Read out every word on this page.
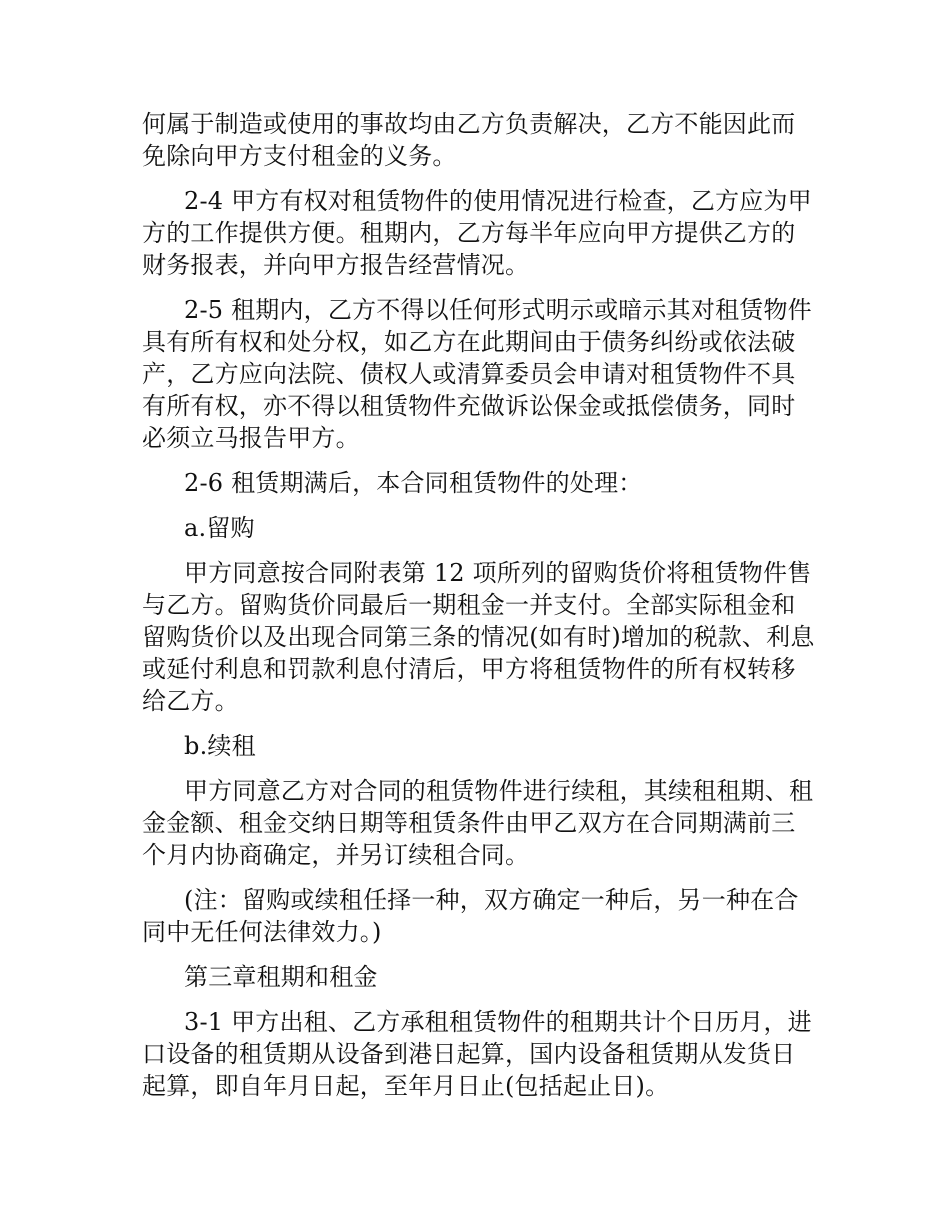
何属于制造或使用的事故均由乙方负责解决，乙方不能因此而免除向甲方支付租金的义务。

2-4 甲方有权对租赁物件的使用情况进行检查，乙方应为甲方的工作提供方便。租期内，乙方每半年应向甲方提供乙方的财务报表，并向甲方报告经营情况。

2-5 租期内，乙方不得以任何形式明示或暗示其对租赁物件具有所有权和处分权，如乙方在此期间由于债务纠纷或依法破产，乙方应向法院、债权人或清算委员会申请对租赁物件不具有所有权，亦不得以租赁物件充做诉讼保金或抵偿债务，同时必须立马报告甲方。

2-6 租赁期满后，本合同租赁物件的处理：

a.留购

甲方同意按合同附表第 12 项所列的留购货价将租赁物件售与乙方。留购货价同最后一期租金一并支付。全部实际租金和留购货价以及出现合同第三条的情况(如有时)增加的税款、利息或延付利息和罚款利息付清后，甲方将租赁物件的所有权转移给乙方。

b.续租

甲方同意乙方对合同的租赁物件进行续租，其续租租期、租金金额、租金交纳日期等租赁条件由甲乙双方在合同期满前三个月内协商确定，并另订续租合同。

(注：留购或续租任择一种，双方确定一种后，另一种在合同中无任何法律效力。)

第三章租期和租金

3-1 甲方出租、乙方承租租赁物件的租期共计个日历月，进口设备的租赁期从设备到港日起算，国内设备租赁期从发货日起算，即自年月日起，至年月日止(包括起止日)。
